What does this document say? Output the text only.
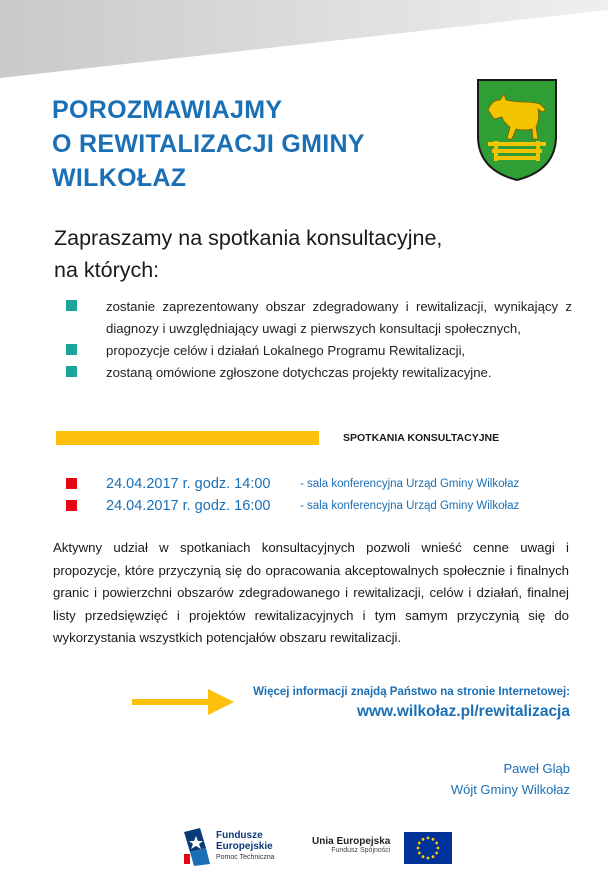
POROZMAWIAJMY
O REWITALIZACJI GMINY
WILKOŁAZ
Zapraszamy na spotkania konsultacyjne,
na których:
zostanie zaprezentowany obszar zdegradowany i rewitalizacji, wynikający z diagnozy i uwzględniający uwagi z pierwszych konsultacji społecznych,
propozycje celów i działań Lokalnego Programu Rewitalizacji,
zostaną omówione zgłoszone dotychczas projekty rewitalizacyjne.
SPOTKANIA KONSULTACYJNE
24.04.2017 r. godz. 14:00	- sala konferencyjna Urząd Gminy Wilkołaz
24.04.2017 r. godz. 16:00	- sala konferencyjna Urząd Gminy Wilkołaz
Aktywny udział w spotkaniach konsultacyjnych pozwoli wnieść cenne uwagi i propozycje, które przyczynią się do opracowania akceptowalnych społecznie i finalnych granic i powierzchni obszarów zdegradowanego i rewitalizacji, celów i działań, finalnej listy przedsięwzięć i projektów rewitalizacyjnych i tym samym przyczynią się do wykorzystania wszystkich potencjałów obszaru rewitalizacji.
Więcej informacji znajdą Państwo na stronie Internetowej:
www.wilkołaz.pl/rewitalizacja
Paweł Gląb
Wójt Gminy Wilkołaz
Fundusze
Europejskie
Pomoc Techniczna
Unia Europejska
Fundusz Spójności
